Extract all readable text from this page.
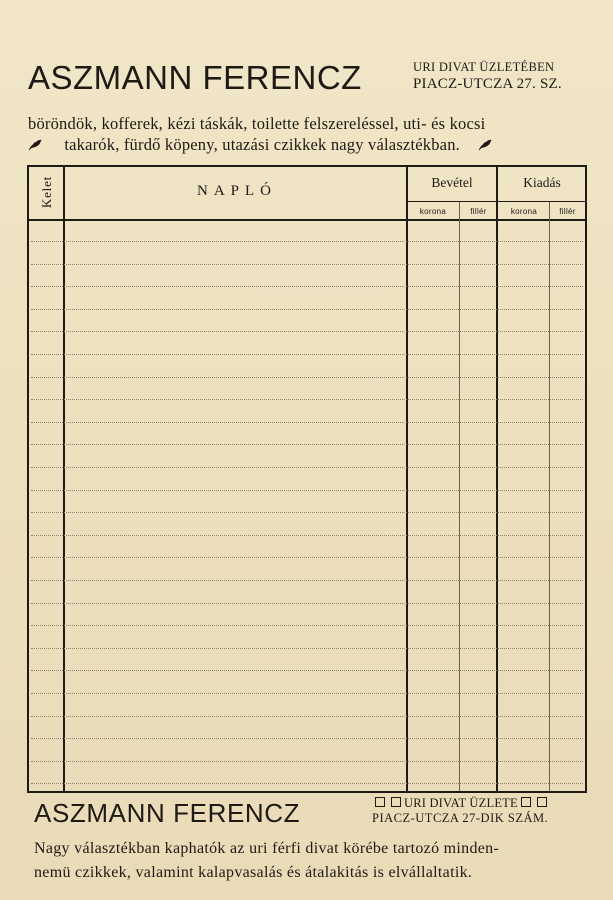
ASZMANN FERENCZ	URI DIVAT ÜZLETÉBEN
PIACZ-UTCZA 27. SZ.
böröndök, kofferek, kézi táskák, toilette felszereléssel, uti- és kocsi
takarók, fürdő köpeny, utazási czikkek nagy választékban.
Kelet	NAPLÓ
Bevétel	Kiadás
korona	fillér	korona	fillér
ASZMANN FERENCZ	URI DIVAT ÜZLETE
PIACZ-UTCZA 27-DIK SZÁM.
Nagy választékban kaphatók az uri férfi divat körébe tartozó minden-
nemü czikkek, valamint kalapvasalás és átalakitás is elvállaltatik.
